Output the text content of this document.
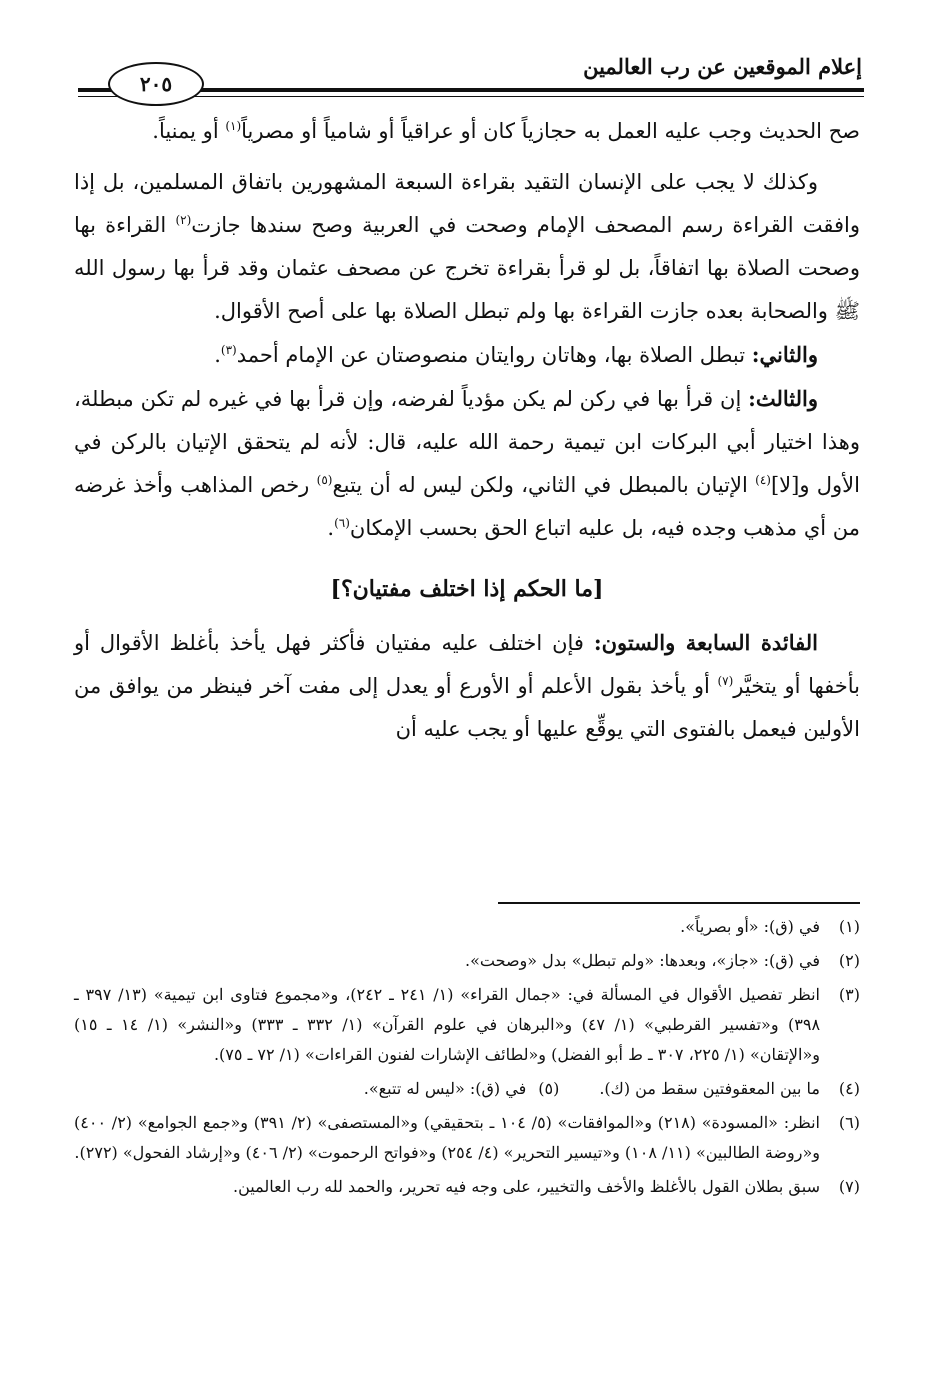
إعلام الموقعين عن رب العالمين
٢٠٥

صح الحديث وجب عليه العمل به حجازياً كان أو عراقياً أو شامياً أو مصرياً$^{(١)}$ أو يمنياً.

وكذلك لا يجب على الإنسان التقيد بقراءة السبعة المشهورين باتفاق المسلمين، بل إذا وافقت القراءة رسم المصحف الإمام وصحت في العربية وصح سندها جازت$^{(٢)}$ القراءة بها وصحت الصلاة بها اتفاقاً، بل لو قرأ بقراءة تخرج عن مصحف عثمان وقد قرأ بها رسول الله ﷺ والصحابة بعده جازت القراءة بها ولم تبطل الصلاة بها على أصح الأقوال.

والثاني: تبطل الصلاة بها، وهاتان روايتان منصوصتان عن الإمام أحمد$^{(٣)}$.

والثالث: إن قرأ بها في ركن لم يكن مؤدياً لفرضه، وإن قرأ بها في غيره لم تكن مبطلة، وهذا اختيار أبي البركات ابن تيمية رحمة الله عليه، قال: لأنه لم يتحقق الإتيان بالركن في الأول و[لا]$^{(٤)}$ الإتيان بالمبطل في الثاني، ولكن ليس له أن يتبع$^{(٥)}$ رخص المذاهب وأخذ غرضه من أي مذهب وجده فيه، بل عليه اتباع الحق بحسب الإمكان$^{(٦)}$.

[ما الحكم إذا اختلف مفتيان؟]

الفائدة السابعة والستون: فإن اختلف عليه مفتيان فأكثر فهل يأخذ بأغلظ الأقوال أو بأخفها أو يتخيَّر$^{(٧)}$ أو يأخذ بقول الأعلم أو الأورع أو يعدل إلى مفت آخر فينظر من يوافق من الأولين فيعمل بالفتوى التي يوقِّع عليها أو يجب عليه أن

(١)
في (ق): «أو بصرياً».
(٢)
في (ق): «جاز»، وبعدها: «ولم تبطل» بدل «وصحت».
(٣)
انظر تفصيل الأقوال في المسألة في: «جمال القراء» (١/ ٢٤١ ـ ٢٤٢)، و«مجموع فتاوى ابن تيمية» (١٣/ ٣٩٧ ـ ٣٩٨) و«تفسير القرطبي» (١/ ٤٧) و«البرهان في علوم القرآن» (١/ ٣٣٢ ـ ٣٣٣) و«النشر» (١/ ١٤ ـ ١٥) و«الإتقان» (١/ ٢٢٥، ٣٠٧ ـ ط أبو الفضل) و«لطائف الإشارات لفنون القراءات» (١/ ٧٢ ـ ٧٥).
(٤)
ما بين المعقوفتين سقط من (ك).
(٥)
في (ق): «ليس له تتبع».
(٦)
انظر: «المسودة» (٢١٨) و«الموافقات» (٥/ ١٠٤ ـ بتحقيقي) و«المستصفى» (٢/ ٣٩١) و«جمع الجوامع» (٢/ ٤٠٠) و«روضة الطالبين» (١١/ ١٠٨) و«تيسير التحرير» (٤/ ٢٥٤) و«فواتح الرحموت» (٢/ ٤٠٦) و«إرشاد الفحول» (٢٧٢).
(٧)
سبق بطلان القول بالأغلظ والأخف والتخيير، على وجه فيه تحرير، والحمد لله رب العالمين.
